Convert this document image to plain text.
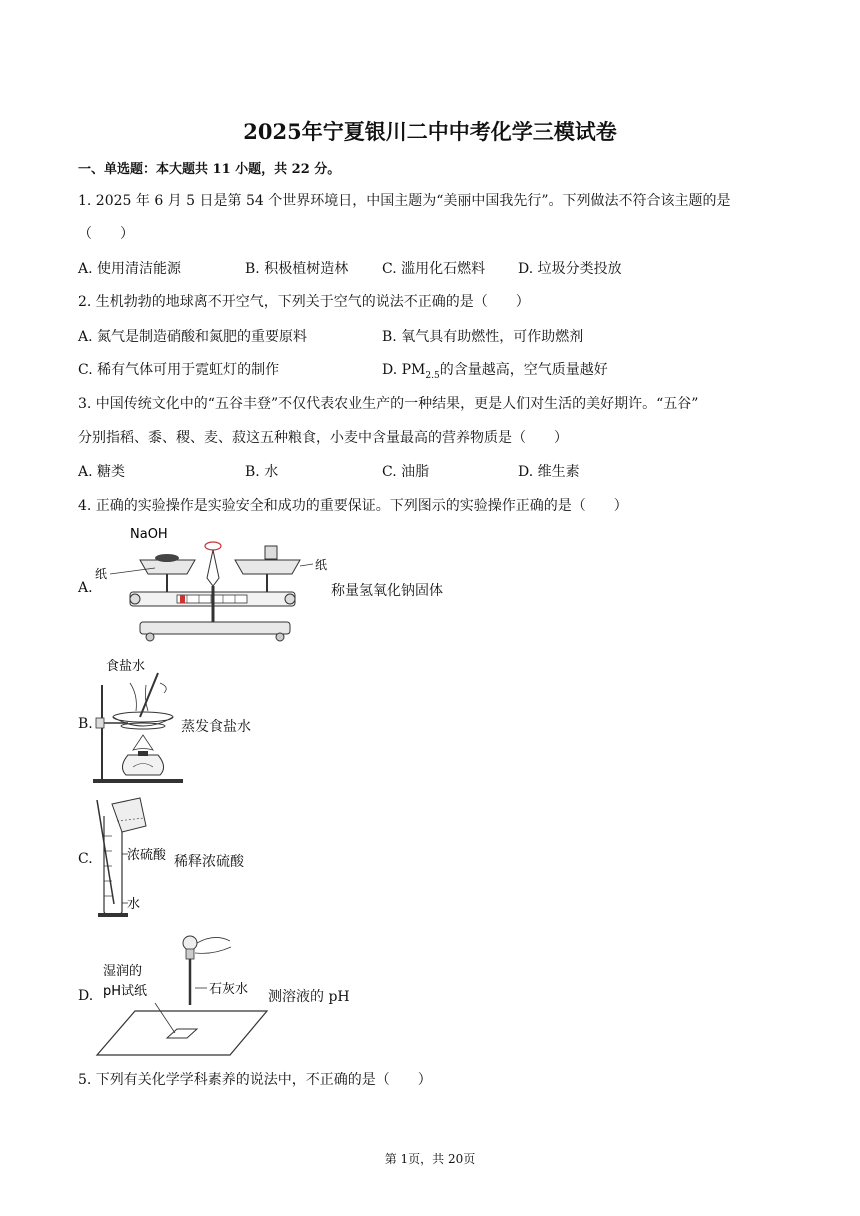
2025年宁夏银川二中中考化学三模试卷
一、单选题：本大题共 11 小题，共 22 分。
1. 2025 年 6 月 5 日是第 54 个世界环境日，中国主题为“美丽中国我先行”。下列做法不符合该主题的是
（　　）
A. 使用清洁能源	B. 积极植树造林 C. 滥用化石燃料 D. 垃圾分类投放
2. 生机勃勃的地球离不开空气，下列关于空气的说法不正确的是（　　）
A. 氮气是制造硝酸和氮肥的重要原料	B. 氧气具有助燃性，可作助燃剂
C. 稀有气体可用于霓虹灯的制作	D. $PM_{2.5}$的含量越高，空气质量越好
3. 中国传统文化中的“五谷丰登”不仅代表农业生产的一种结果，更是人们对生活的美好期许。“五谷”
分别指稻、黍、稷、麦、菽这五种粮食，小麦中含量最高的营养物质是（　　）
A. 糖类	B. 水	C. 油脂	D. 维生素
4. 正确的实验操作是实验安全和成功的重要保证。下列图示的实验操作正确的是（　　）
A.
NaOH
纸
纸
称量氢氧化钠固体
B.
食盐水
蒸发食盐水
C.	浓硫酸
水
稀释浓硫酸
D.
湿润的
pH试纸	石灰水 测溶液的 pH
5. 下列有关化学学科素养的说法中，不正确的是（　　）
第 1页，共 20页
